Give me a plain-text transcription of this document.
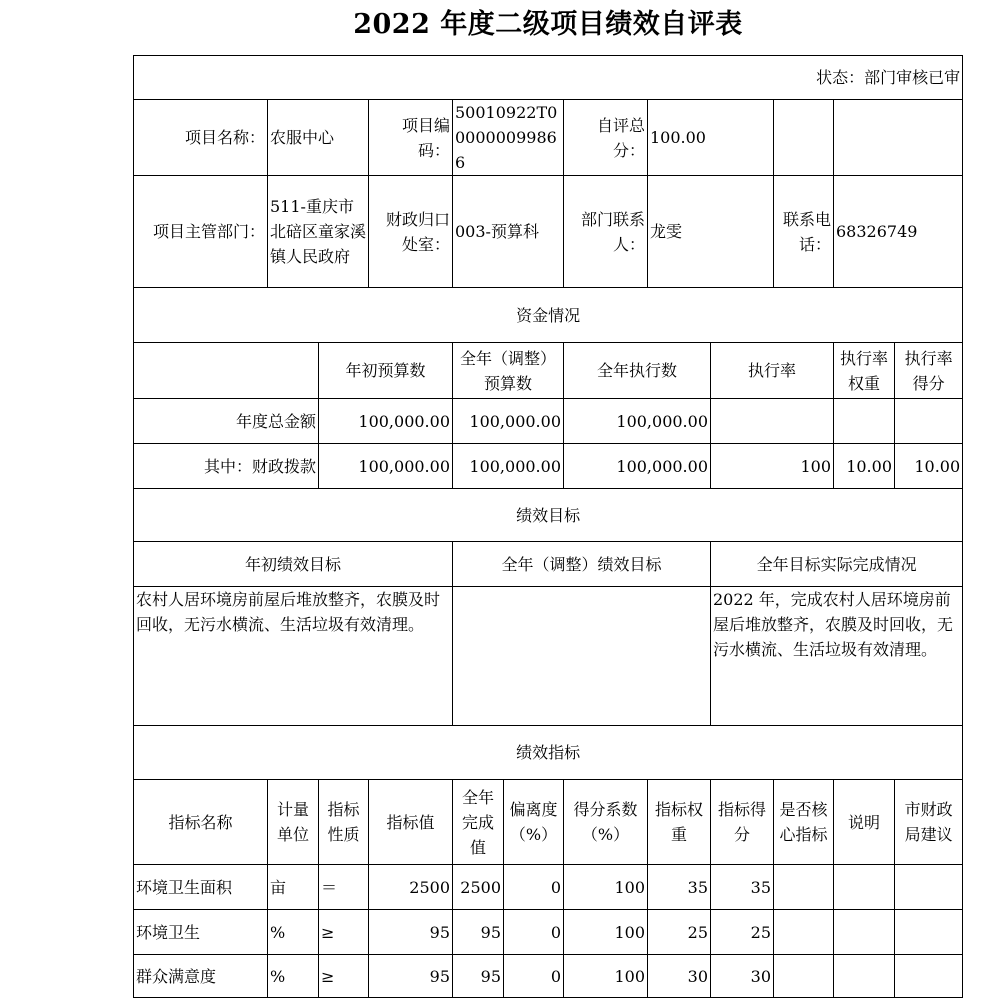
2022 年度二级项目绩效自评表
状态：部门审核已审											
项目名称：	农服中心		项目编码：	50010922T000000099866		自评总分：	100.00				
项目主管部门：	511-重庆市北碚区童家溪镇人民政府		财政归口处室：	003-预算科		部门联系人：	龙雯		联系电话：	68326749	
资金情况											
		年初预算数		全年（调整）预算数		全年执行数		执行率		执行率权重	执行率得分
年度总金额		100,000.00		100,000.00		100,000.00					
其中：财政拨款		100,000.00		100,000.00		100,000.00		100		10.00	10.00
绩效目标											
年初绩效目标				全年（调整）绩效目标				全年目标实际完成情况			
农村人居环境房前屋后堆放整齐，农膜及时回收，无污水横流、生活垃圾有效清理。								2022 年，完成农村人居环境房前屋后堆放整齐，农膜及时回收，无污水横流、生活垃圾有效清理。			
绩效指标											
指标名称	计量单位	指标性质	指标值	全年完成值	偏离度（%）	得分系数（%）	指标权重	指标得分	是否核心指标	说明	市财政局建议
环境卫生面积	亩	＝	2500	2500	0	100	35	35			
环境卫生	%	≥	95	95	0	100	25	25			
群众满意度	%	≥	95	95	0	100	30	30			
